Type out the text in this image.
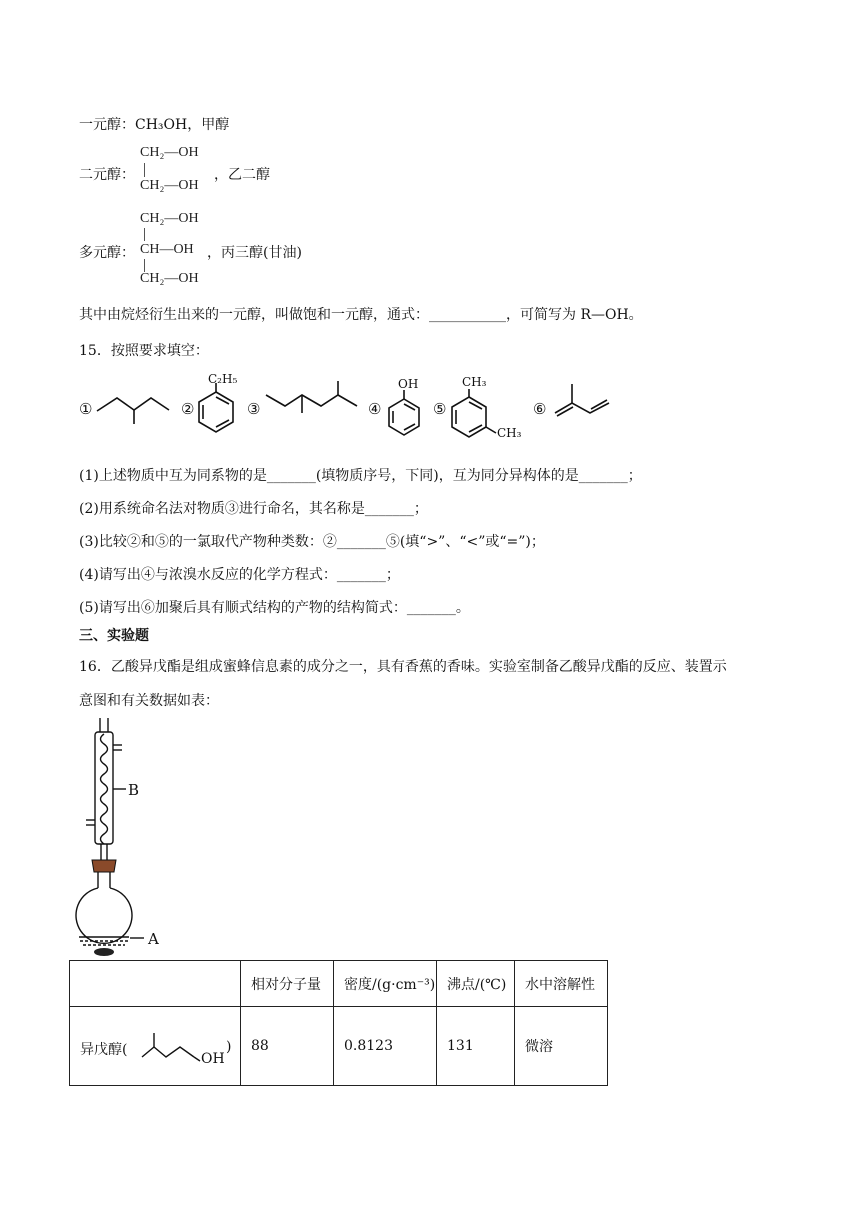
一元醇：CH₃OH，甲醇
二元醇：
CH₂—OH
CH₂—OH
，乙二醇
CH₂—OH
多元醇： CH—OH
CH₂—OH
，丙三醇(甘油)
其中由烷烃衍生出来的一元醇，叫做饱和一元醇，通式：___________，可简写为 R—OH。
15．按照要求填空：
①	②	③	④	⑤	⑥
C₂H₅	OH	CH₃
CH₃
(1)上述物质中互为同系物的是_______(填物质序号，下同)，互为同分异构体的是_______；
(2)用系统命名法对物质③进行命名，其名称是_______；
(3)比较②和⑤的一氯取代产物种类数：②_______⑤(填“>”、“<”或“=”)；
(4)请写出④与浓溴水反应的化学方程式：_______；
(5)请写出⑥加聚后具有顺式结构的产物的结构简式：_______。
三、实验题
16．乙酸异戊酯是组成蜜蜂信息素的成分之一，具有香蕉的香味。实验室制备乙酸异戊酯的反应、装置示
意图和有关数据如表：
B
A
	相对分子量	密度/(g·cm⁻³)	沸点/(℃)	水中溶解性

异戊醇(
OH
)	88	0.8123	131	微溶
